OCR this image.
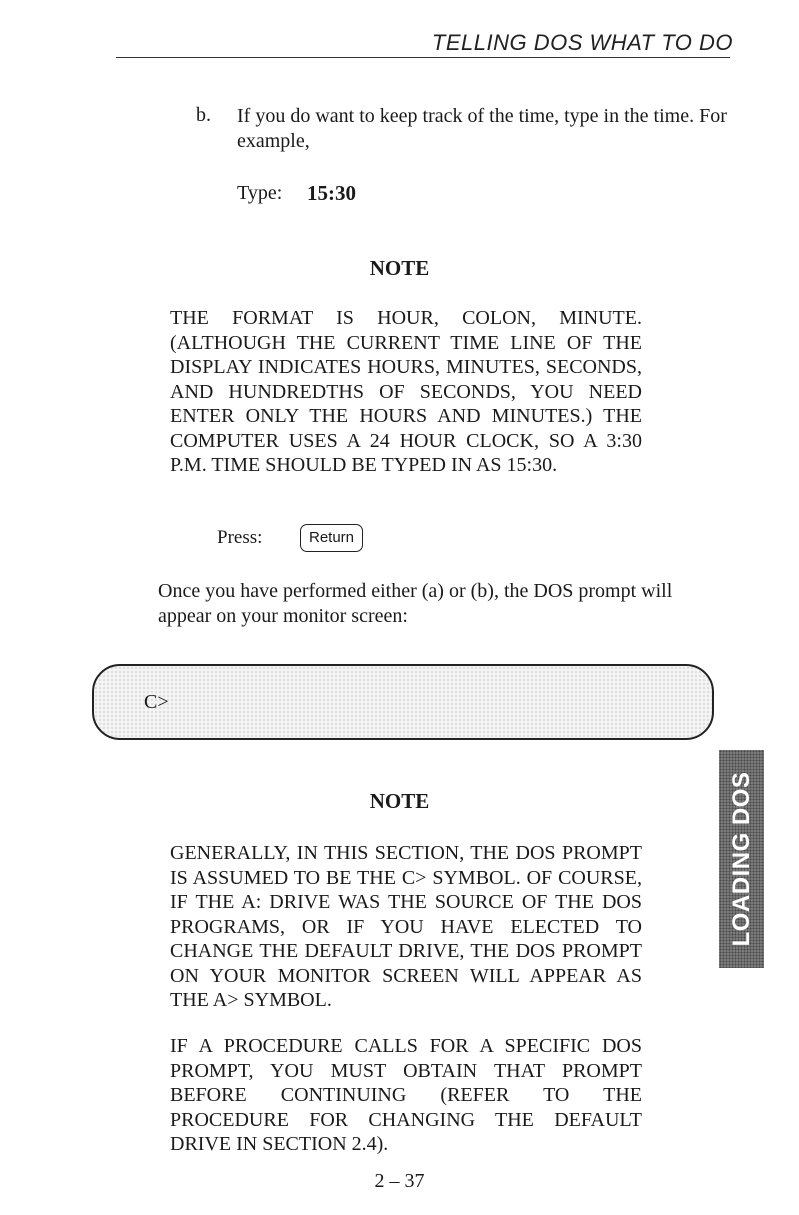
TELLING DOS WHAT TO DO
b. If you do want to keep track of the time, type in the time. For example,
Type: 15:30
NOTE
THE FORMAT IS HOUR, COLON, MINUTE. (ALTHOUGH THE CURRENT TIME LINE OF THE DISPLAY INDICATES HOURS, MINUTES, SECONDS, AND HUNDREDTHS OF SECONDS, YOU NEED ENTER ONLY THE HOURS AND MINUTES.) THE COMPUTER USES A 24 HOUR CLOCK, SO A 3:30 P.M. TIME SHOULD BE TYPED IN AS 15:30.
Press:	Return
Once you have performed either (a) or (b), the DOS prompt will appear on your monitor screen:
C>
LOADING DOS
NOTE
GENERALLY, IN THIS SECTION, THE DOS PROMPT IS ASSUMED TO BE THE C> SYMBOL. OF COURSE, IF THE A: DRIVE WAS THE SOURCE OF THE DOS PROGRAMS, OR IF YOU HAVE ELECTED TO CHANGE THE DEFAULT DRIVE, THE DOS PROMPT ON YOUR MONITOR SCREEN WILL APPEAR AS THE A> SYMBOL.
IF A PROCEDURE CALLS FOR A SPECIFIC DOS PROMPT, YOU MUST OBTAIN THAT PROMPT BEFORE CONTINUING (REFER TO THE PROCEDURE FOR CHANGING THE DEFAULT DRIVE IN SECTION 2.4).
2 – 37
